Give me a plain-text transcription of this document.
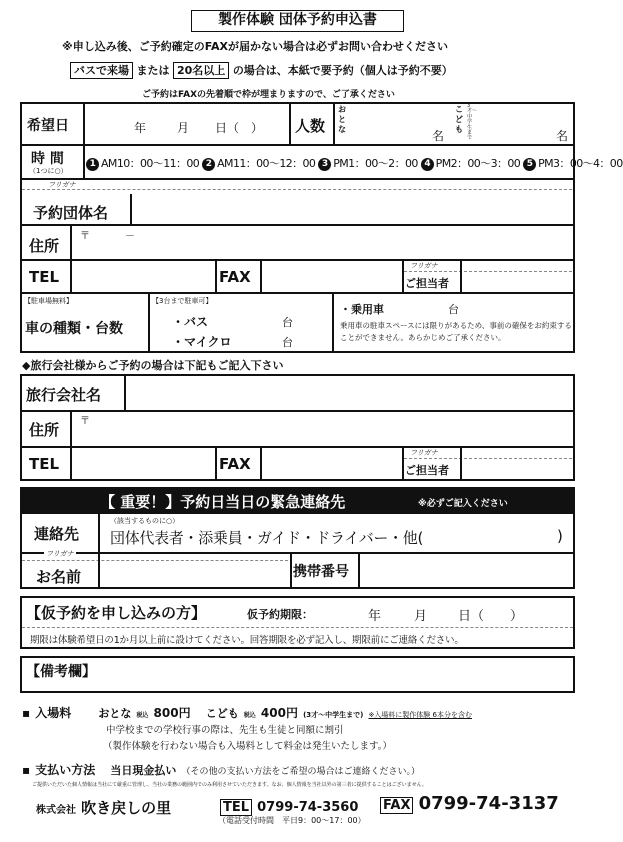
製作体験 団体予約申込書
※申し込み後、ご予約確定のFAXが届かない場合は必ずお問い合わせください
バスで来場 または 20名以上 の場合は、本紙で要予約（個人は予約不要）
ご予約はFAXの先着順で枠が埋まりますので、ご了承ください
希望日	年	月 日（　） 人数
おとな	名
こども
3才〜中学生まで	名
時 間
（1つに○）
1 AM10：00〜11：00 2 AM11：00〜12：00 3 PM1：00〜2：00 4 PM2：00〜3：00 5 PM3：00〜4：00
フリガナ
予約団体名
住所
〒	－
TEL	FAX
フリガナ
ご担当者
【駐車場無料】
車の種類・台数
【3台まで駐車可】
・バス	台
・マイクロ	台
・乗用車	台
乗用車の駐車スペースには限りがあるため、事前の確保をお約束することができません。あらかじめご了承ください。
◆旅行会社様からご予約の場合は下記もご記入下さい
旅行会社名
住所 〒
TEL	FAX
フリガナ
ご担当者
【 重要！】予約日当日の緊急連絡先	※必ずご記入ください
連絡先
（該当するものに○）
団体代表者・添乗員・ガイド・ドライバー・他(	)
フリガナ
お名前	携帯番号
【仮予約を申し込みの方】	仮予約期限：	年	月 日（　　）
期限は体験希望日の1か月以上前に設けてください。回答期限を必ず記入し、期限前にご連絡ください。
【備考欄】
▪ 入場料 おとな 税込 800円 こども 税込 400円 (3才〜中学生まで) ※入場料に製作体験 6本分を含む
中学校までの学校行事の際は、先生も生徒と同額に割引
（製作体験を行わない場合も入場料として料金は発生いたします。）
▪ 支払い方法 当日現金払い （その他の支払い方法をご希望の場合はご連絡ください。）
ご提供いただいた個人情報は当社にて厳重に管理し、当社の業務の範囲内でのみ利用させていただきます。なお、個人情報を当社以外の第三者に提供することはございません。
株式会社 吹き戻しの里	TEL 0799-74-3560 FAX 0799-74-3137
（電話受付時間　平日9：00〜17：00）
